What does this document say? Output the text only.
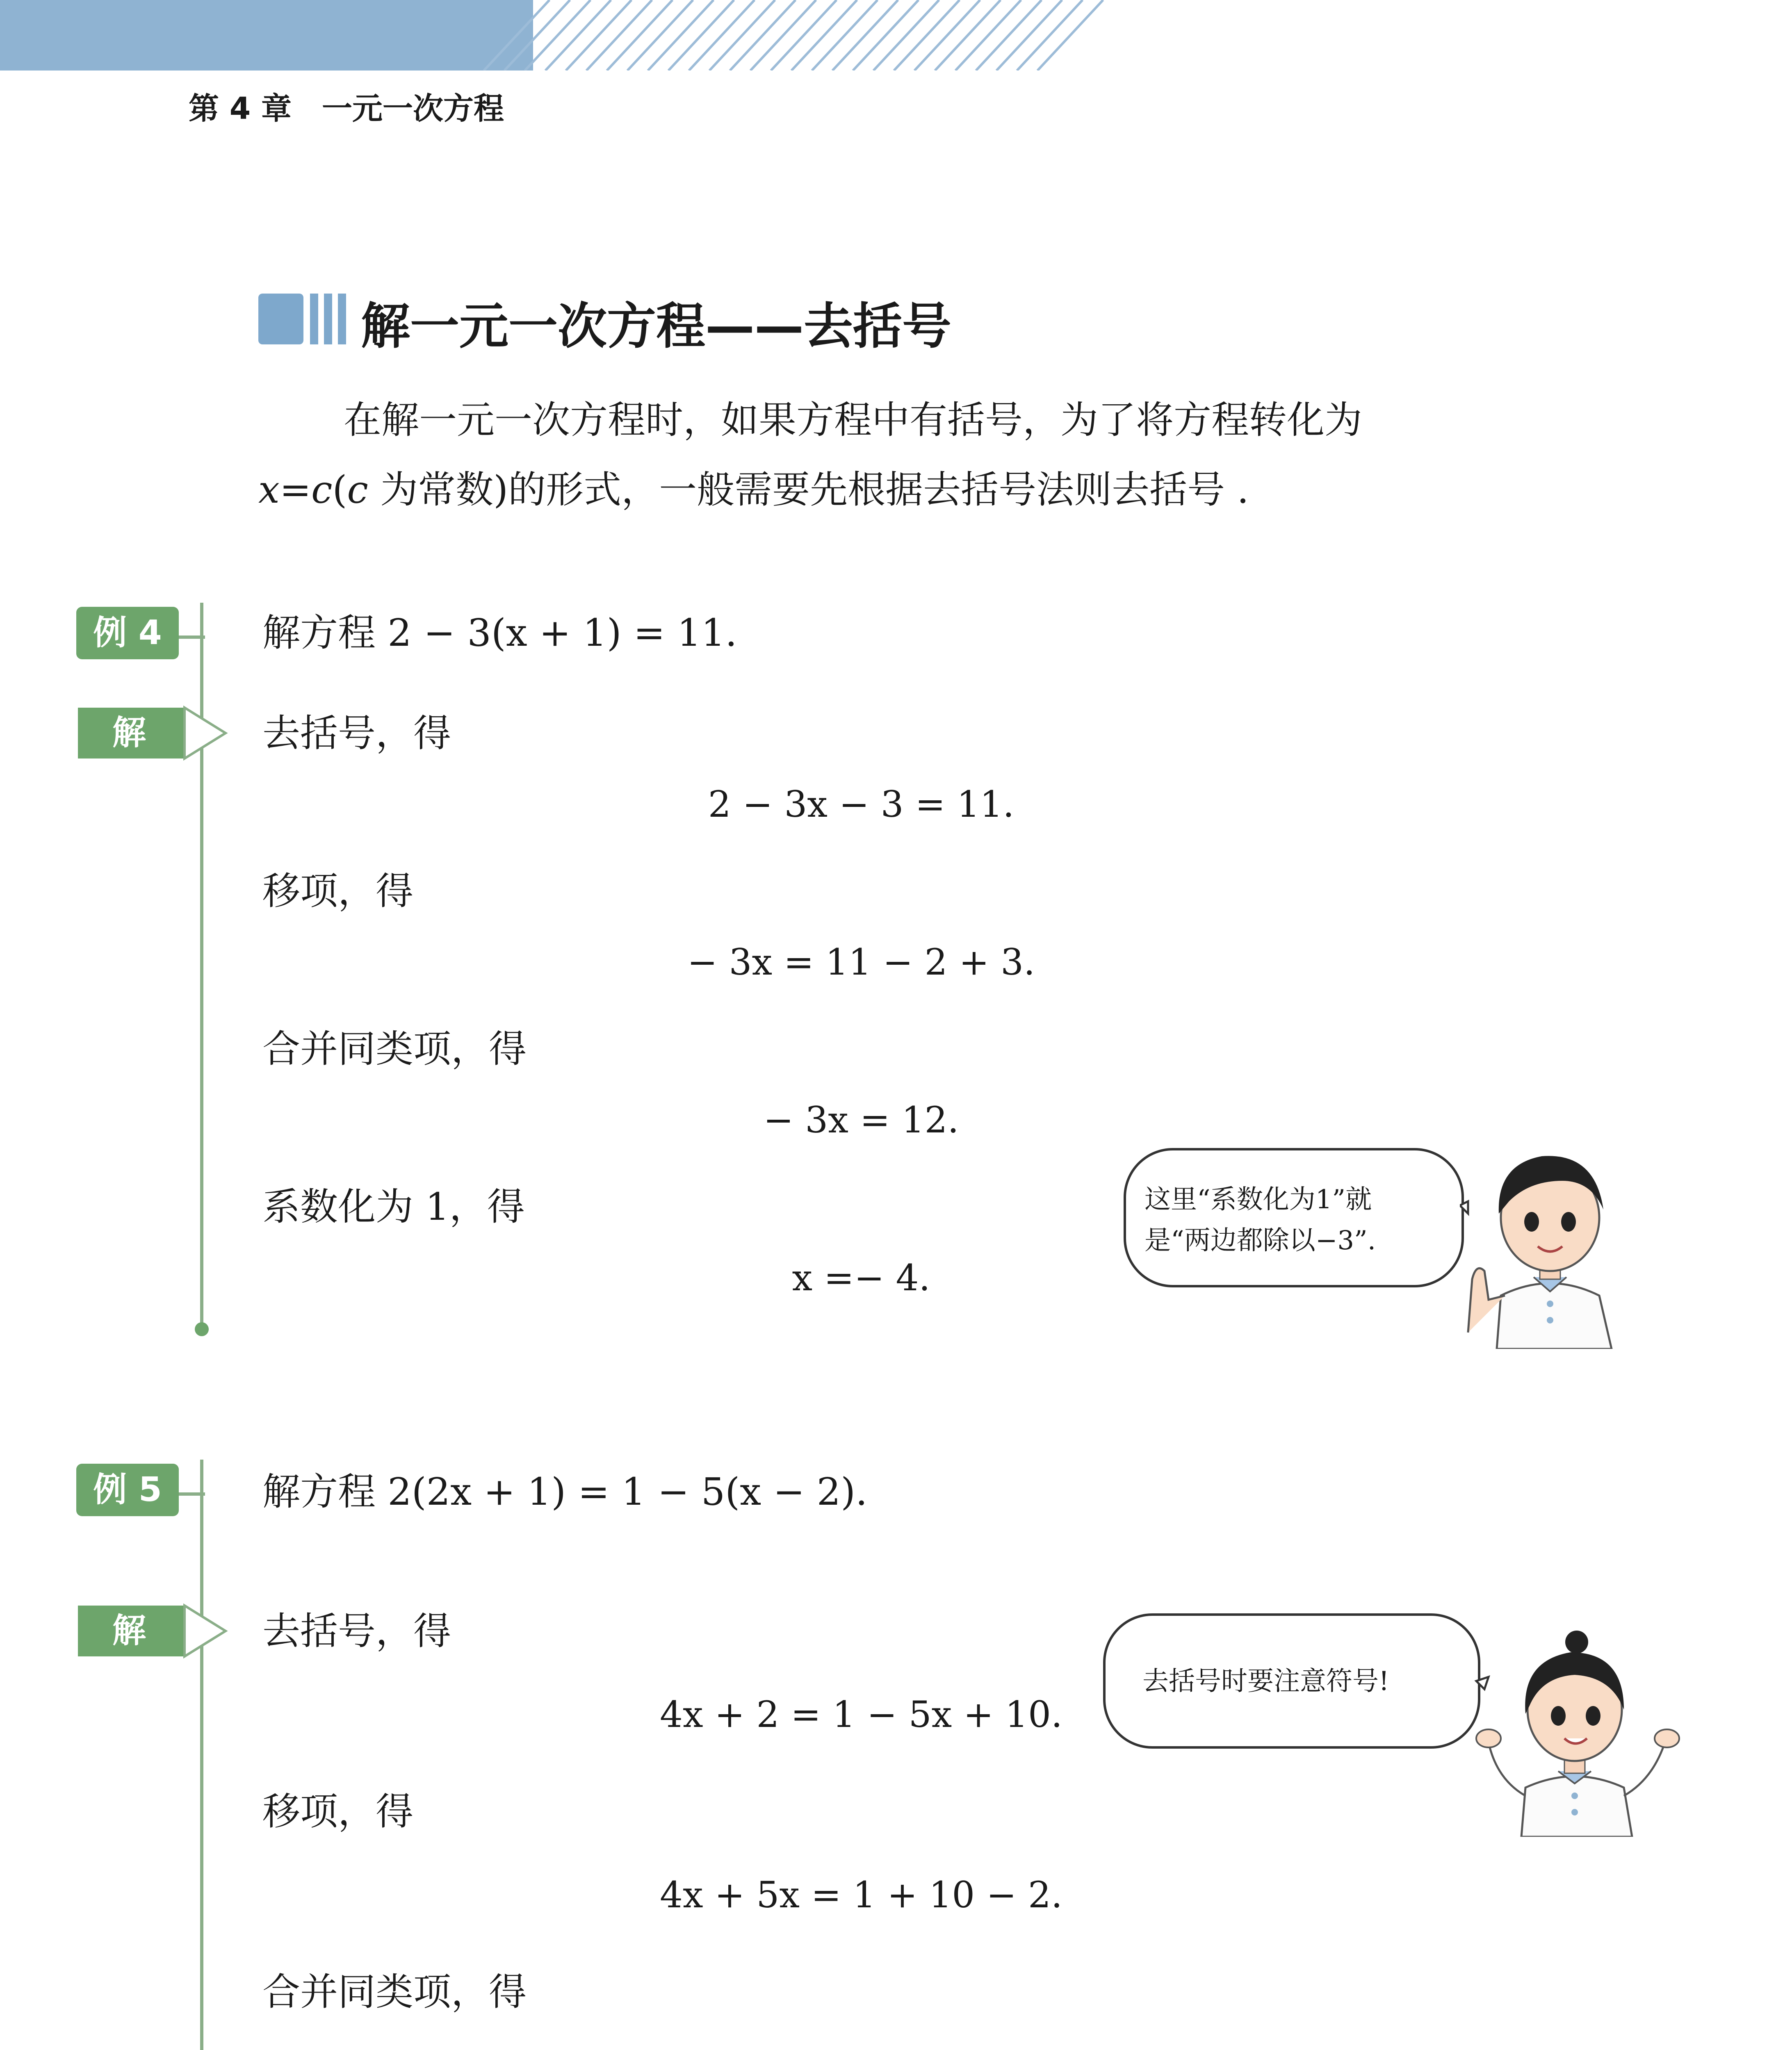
第 4 章　一元一次方程
解一元一次方程——去括号
在解一元一次方程时，如果方程中有括号，为了将方程转化为
x=c(c 为常数)的形式，一般需要先根据去括号法则去括号 .
例 4	解方程 2 − 3(x + 1) = 11.
解	去括号，得
2 − 3x − 3 = 11.
移项，得
− 3x = 11 − 2 + 3.
合并同类项，得
− 3x = 12.
系数化为 1，得
x =− 4.
这里“系数化为1”就
是“两边都除以−3”.
例 5	解方程 2(2x + 1) = 1 − 5(x − 2).
解	去括号，得
4x + 2 = 1 − 5x + 10.
移项，得
4x + 5x = 1 + 10 − 2.
合并同类项，得
去括号时要注意符号!
